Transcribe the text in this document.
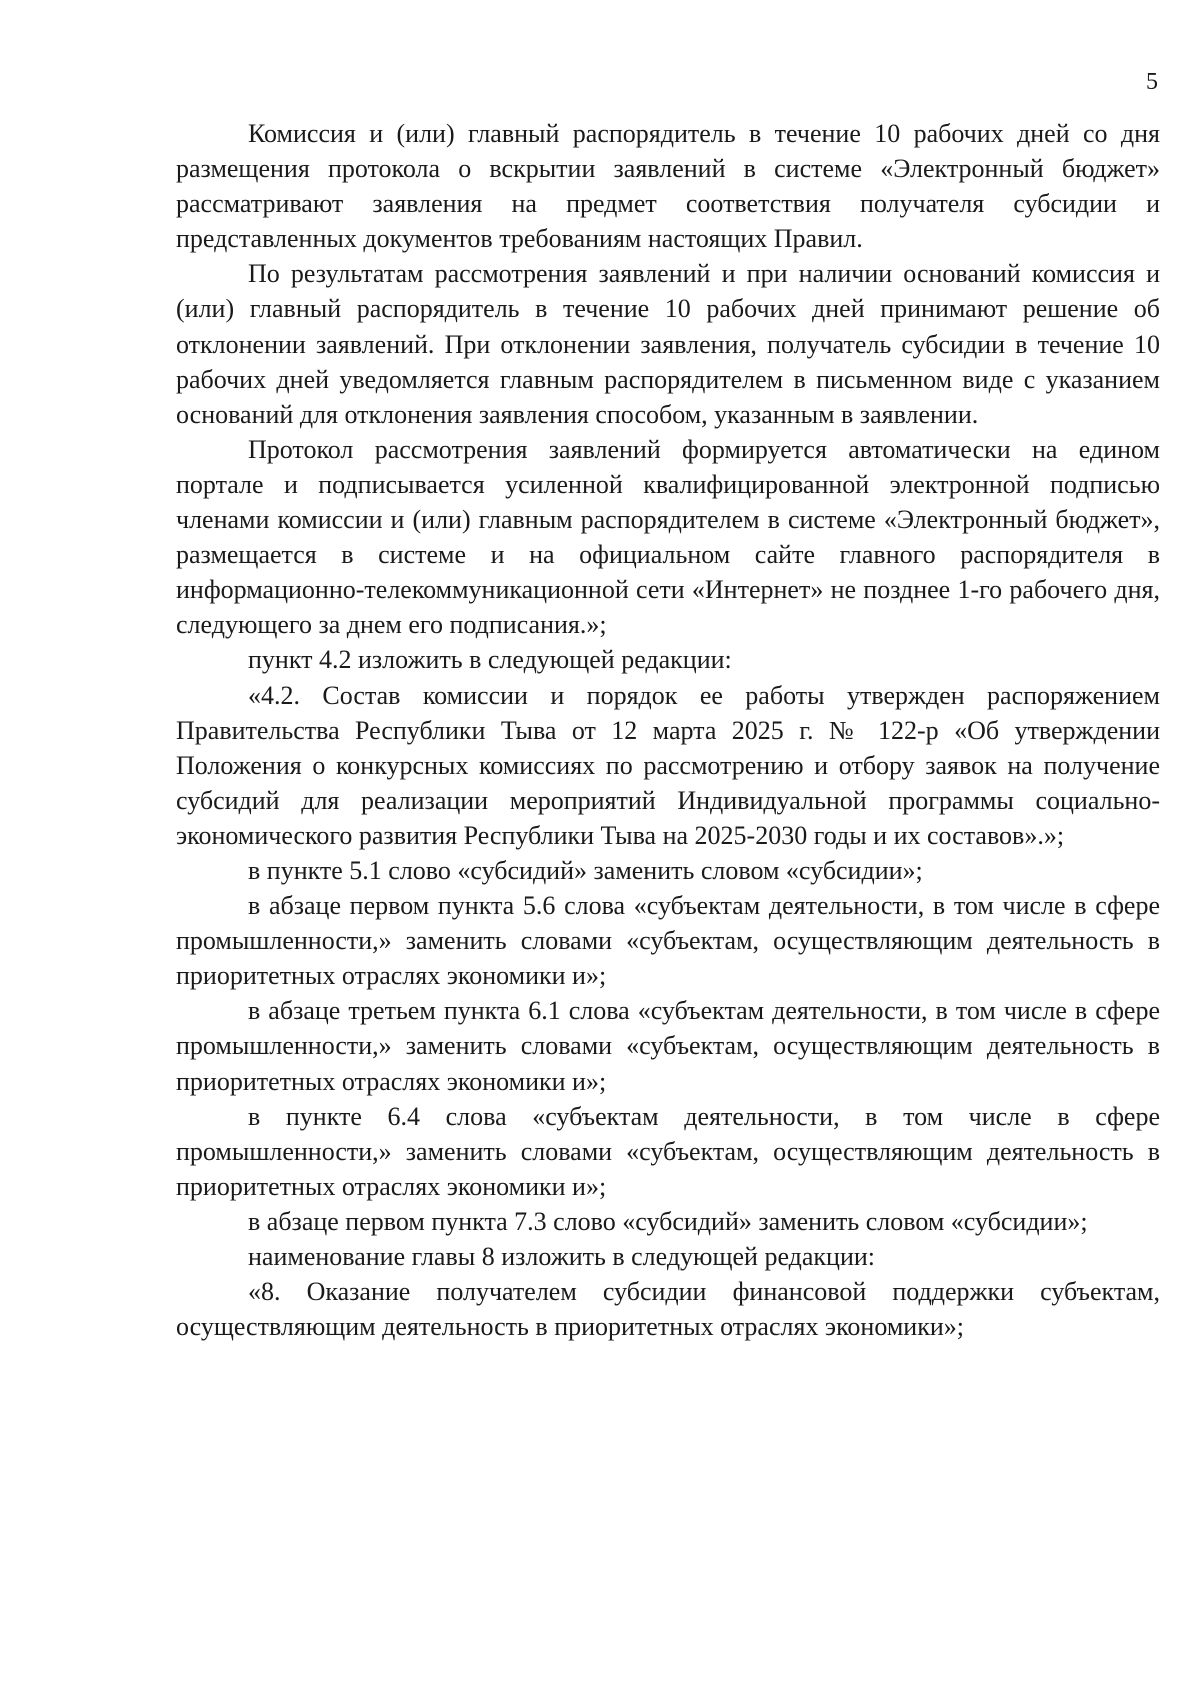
5

Комиссия и (или) главный распорядитель в течение 10 рабочих дней со дня размещения протокола о вскрытии заявлений в системе «Электронный бюджет» рассматривают заявления на предмет соответствия получателя субсидии и представленных документов требованиям настоящих Правил.

По результатам рассмотрения заявлений и при наличии оснований комиссия и (или) главный распорядитель в течение 10 рабочих дней принимают решение об отклонении заявлений. При отклонении заявления, получатель субсидии в течение 10 рабочих дней уведомляется главным распорядителем в письменном виде с указанием оснований для отклонения заявления способом, указанным в заявлении.

Протокол рассмотрения заявлений формируется автоматически на едином портале и подписывается усиленной квалифицированной электронной подписью членами комиссии и (или) главным распорядителем в системе «Электронный бюджет», размещается в системе и на официальном сайте главного распорядителя в информационно-телекоммуникационной сети «Интернет» не позднее 1-го рабочего дня, следующего за днем его подписания.»;

пункт 4.2 изложить в следующей редакции:

«4.2. Состав комиссии и порядок ее работы утвержден распоряжением Правительства Республики Тыва от 12 марта 2025 г. № 122-р «Об утверждении Положения о конкурсных комиссиях по рассмотрению и отбору заявок на получение субсидий для реализации мероприятий Индивидуальной программы социально-экономического развития Республики Тыва на 2025-2030 годы и их составов».»;

в пункте 5.1 слово «субсидий» заменить словом «субсидии»;

в абзаце первом пункта 5.6 слова «субъектам деятельности, в том числе в сфере промышленности,» заменить словами «субъектам, осуществляющим деятельность в приоритетных отраслях экономики и»;

в абзаце третьем пункта 6.1 слова «субъектам деятельности, в том числе в сфере промышленности,» заменить словами «субъектам, осуществляющим деятельность в приоритетных отраслях экономики и»;

в пункте 6.4 слова «субъектам деятельности, в том числе в сфере промышленности,» заменить словами «субъектам, осуществляющим деятельность в приоритетных отраслях экономики и»;

в абзаце первом пункта 7.3 слово «субсидий» заменить словом «субсидии»;

наименование главы 8 изложить в следующей редакции:

«8. Оказание получателем субсидии финансовой поддержки субъектам, осуществляющим деятельность в приоритетных отраслях экономики»;
